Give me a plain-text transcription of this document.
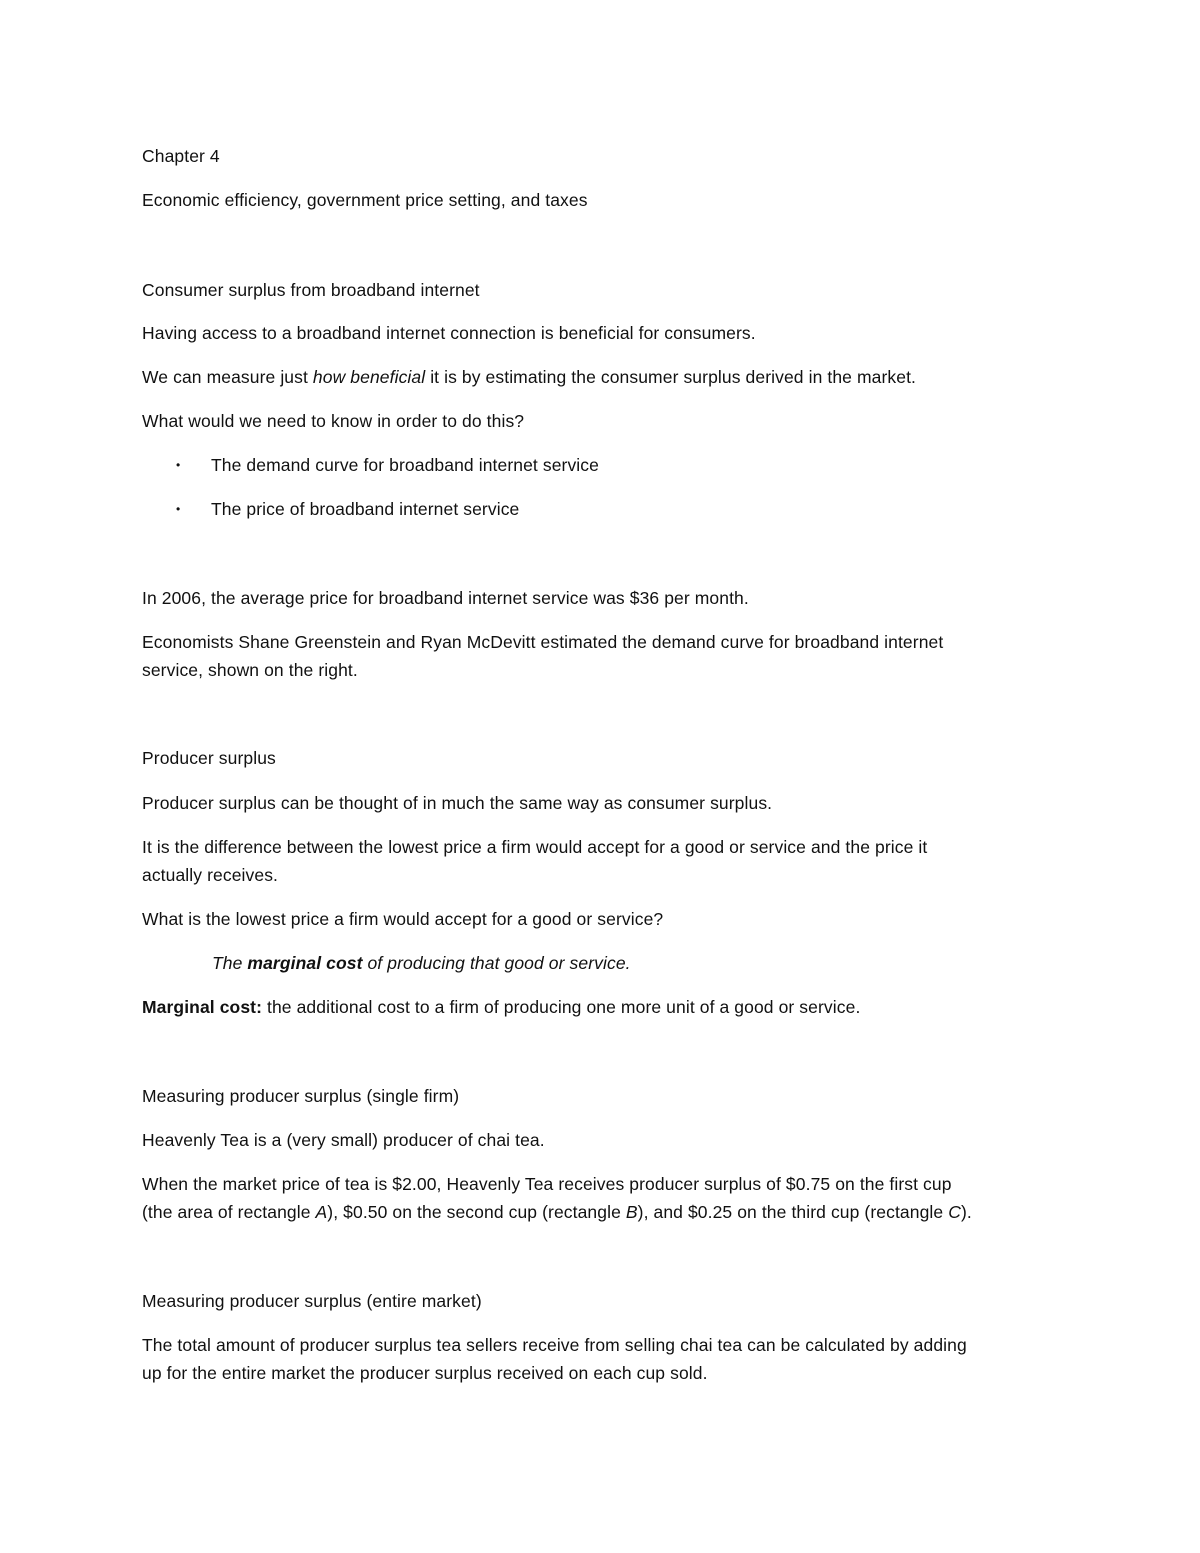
Chapter 4
Economic efficiency, government price setting, and taxes
Consumer surplus from broadband internet
Having access to a broadband internet connection is beneficial for consumers.
We can measure just how beneficial it is by estimating the consumer surplus derived in the market.
What would we need to know in order to do this?
• The demand curve for broadband internet service
• The price of broadband internet service
In 2006, the average price for broadband internet service was $36 per month.
Economists Shane Greenstein and Ryan McDevitt estimated the demand curve for broadband internet
service, shown on the right.
Producer surplus
Producer surplus can be thought of in much the same way as consumer surplus.
It is the difference between the lowest price a firm would accept for a good or service and the price it
actually receives.
What is the lowest price a firm would accept for a good or service?
The marginal cost of producing that good or service.
Marginal cost: the additional cost to a firm of producing one more unit of a good or service.
Measuring producer surplus (single firm)
Heavenly Tea is a (very small) producer of chai tea.
When the market price of tea is $2.00, Heavenly Tea receives producer surplus of $0.75 on the first cup
(the area of rectangle A), $0.50 on the second cup (rectangle B), and $0.25 on the third cup (rectangle C).
Measuring producer surplus (entire market)
The total amount of producer surplus tea sellers receive from selling chai tea can be calculated by adding
up for the entire market the producer surplus received on each cup sold.
